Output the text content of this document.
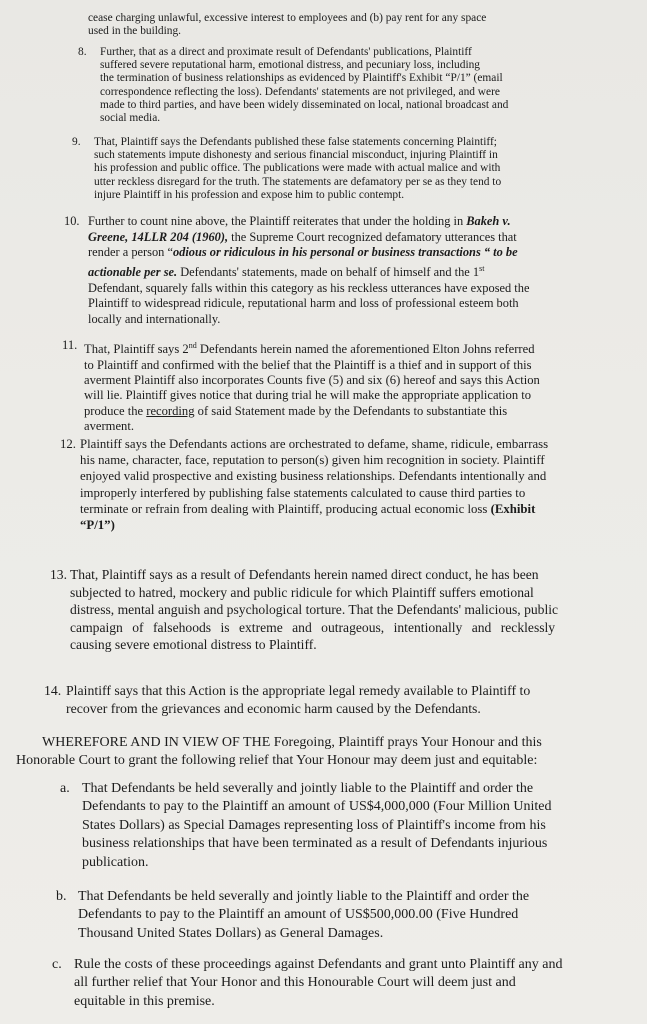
cease charging unlawful, excessive interest to employees and (b) pay rent for any space
used in the building.
8. Further, that as a direct and proximate result of Defendants' publications, Plaintiff
suffered severe reputational harm, emotional distress, and pecuniary loss, including
the termination of business relationships as evidenced by Plaintiff's Exhibit “P/1” (email
correspondence reflecting the loss). Defendants' statements are not privileged, and were
made to third parties, and have been widely disseminated on local, national broadcast and
social media.
9. That, Plaintiff says the Defendants published these false statements concerning Plaintiff;
such statements impute dishonesty and serious financial misconduct, injuring Plaintiff in
his profession and public office. The publications were made with actual malice and with
utter reckless disregard for the truth. The statements are defamatory per se as they tend to
injure Plaintiff in his profession and expose him to public contempt.
10. Further to count nine above, the Plaintiff reiterates that under the holding in Bakeh v.
Greene, 14LLR 204 (1960), the Supreme Court recognized defamatory utterances that
render a person “odious or ridiculous in his personal or business transactions “ to be
actionable per se. Defendants' statements, made on behalf of himself and the 1st
Defendant, squarely falls within this category as his reckless utterances have exposed the
Plaintiff to widespread ridicule, reputational harm and loss of professional esteem both
locally and internationally.
11. That, Plaintiff says 2nd Defendants herein named the aforementioned Elton Johns referred
to Plaintiff and confirmed with the belief that the Plaintiff is a thief and in support of this
averment Plaintiff also incorporates Counts five (5) and six (6) hereof and says this Action
will lie. Plaintiff gives notice that during trial he will make the appropriate application to
produce the recording of said Statement made by the Defendants to substantiate this
averment.
12. Plaintiff says the Defendants actions are orchestrated to defame, shame, ridicule, embarrass
his name, character, face, reputation to person(s) given him recognition in society. Plaintiff
enjoyed valid prospective and existing business relationships. Defendants intentionally and
improperly interfered by publishing false statements calculated to cause third parties to
terminate or refrain from dealing with Plaintiff, producing actual economic loss (Exhibit
“P/1”)
13. That, Plaintiff says as a result of Defendants herein named direct conduct, he has been
subjected to hatred, mockery and public ridicule for which Plaintiff suffers emotional
distress, mental anguish and psychological torture. That the Defendants' malicious, public
campaign of falsehoods is extreme and outrageous, intentionally and recklessly
causing severe emotional distress to Plaintiff.
14. Plaintiff says that this Action is the appropriate legal remedy available to Plaintiff to
recover from the grievances and economic harm caused by the Defendants.
WHEREFORE AND IN VIEW OF THE Foregoing, Plaintiff prays Your Honour and this
Honorable Court to grant the following relief that Your Honour may deem just and equitable:
a. That Defendants be held severally and jointly liable to the Plaintiff and order the
Defendants to pay to the Plaintiff an amount of US$4,000,000 (Four Million United
States Dollars) as Special Damages representing loss of Plaintiff's income from his
business relationships that have been terminated as a result of Defendants injurious
publication.
b. That Defendants be held severally and jointly liable to the Plaintiff and order the
Defendants to pay to the Plaintiff an amount of US$500,000.00 (Five Hundred
Thousand United States Dollars) as General Damages.
c. Rule the costs of these proceedings against Defendants and grant unto Plaintiff any and
all further relief that Your Honor and this Honourable Court will deem just and
equitable in this premise.
